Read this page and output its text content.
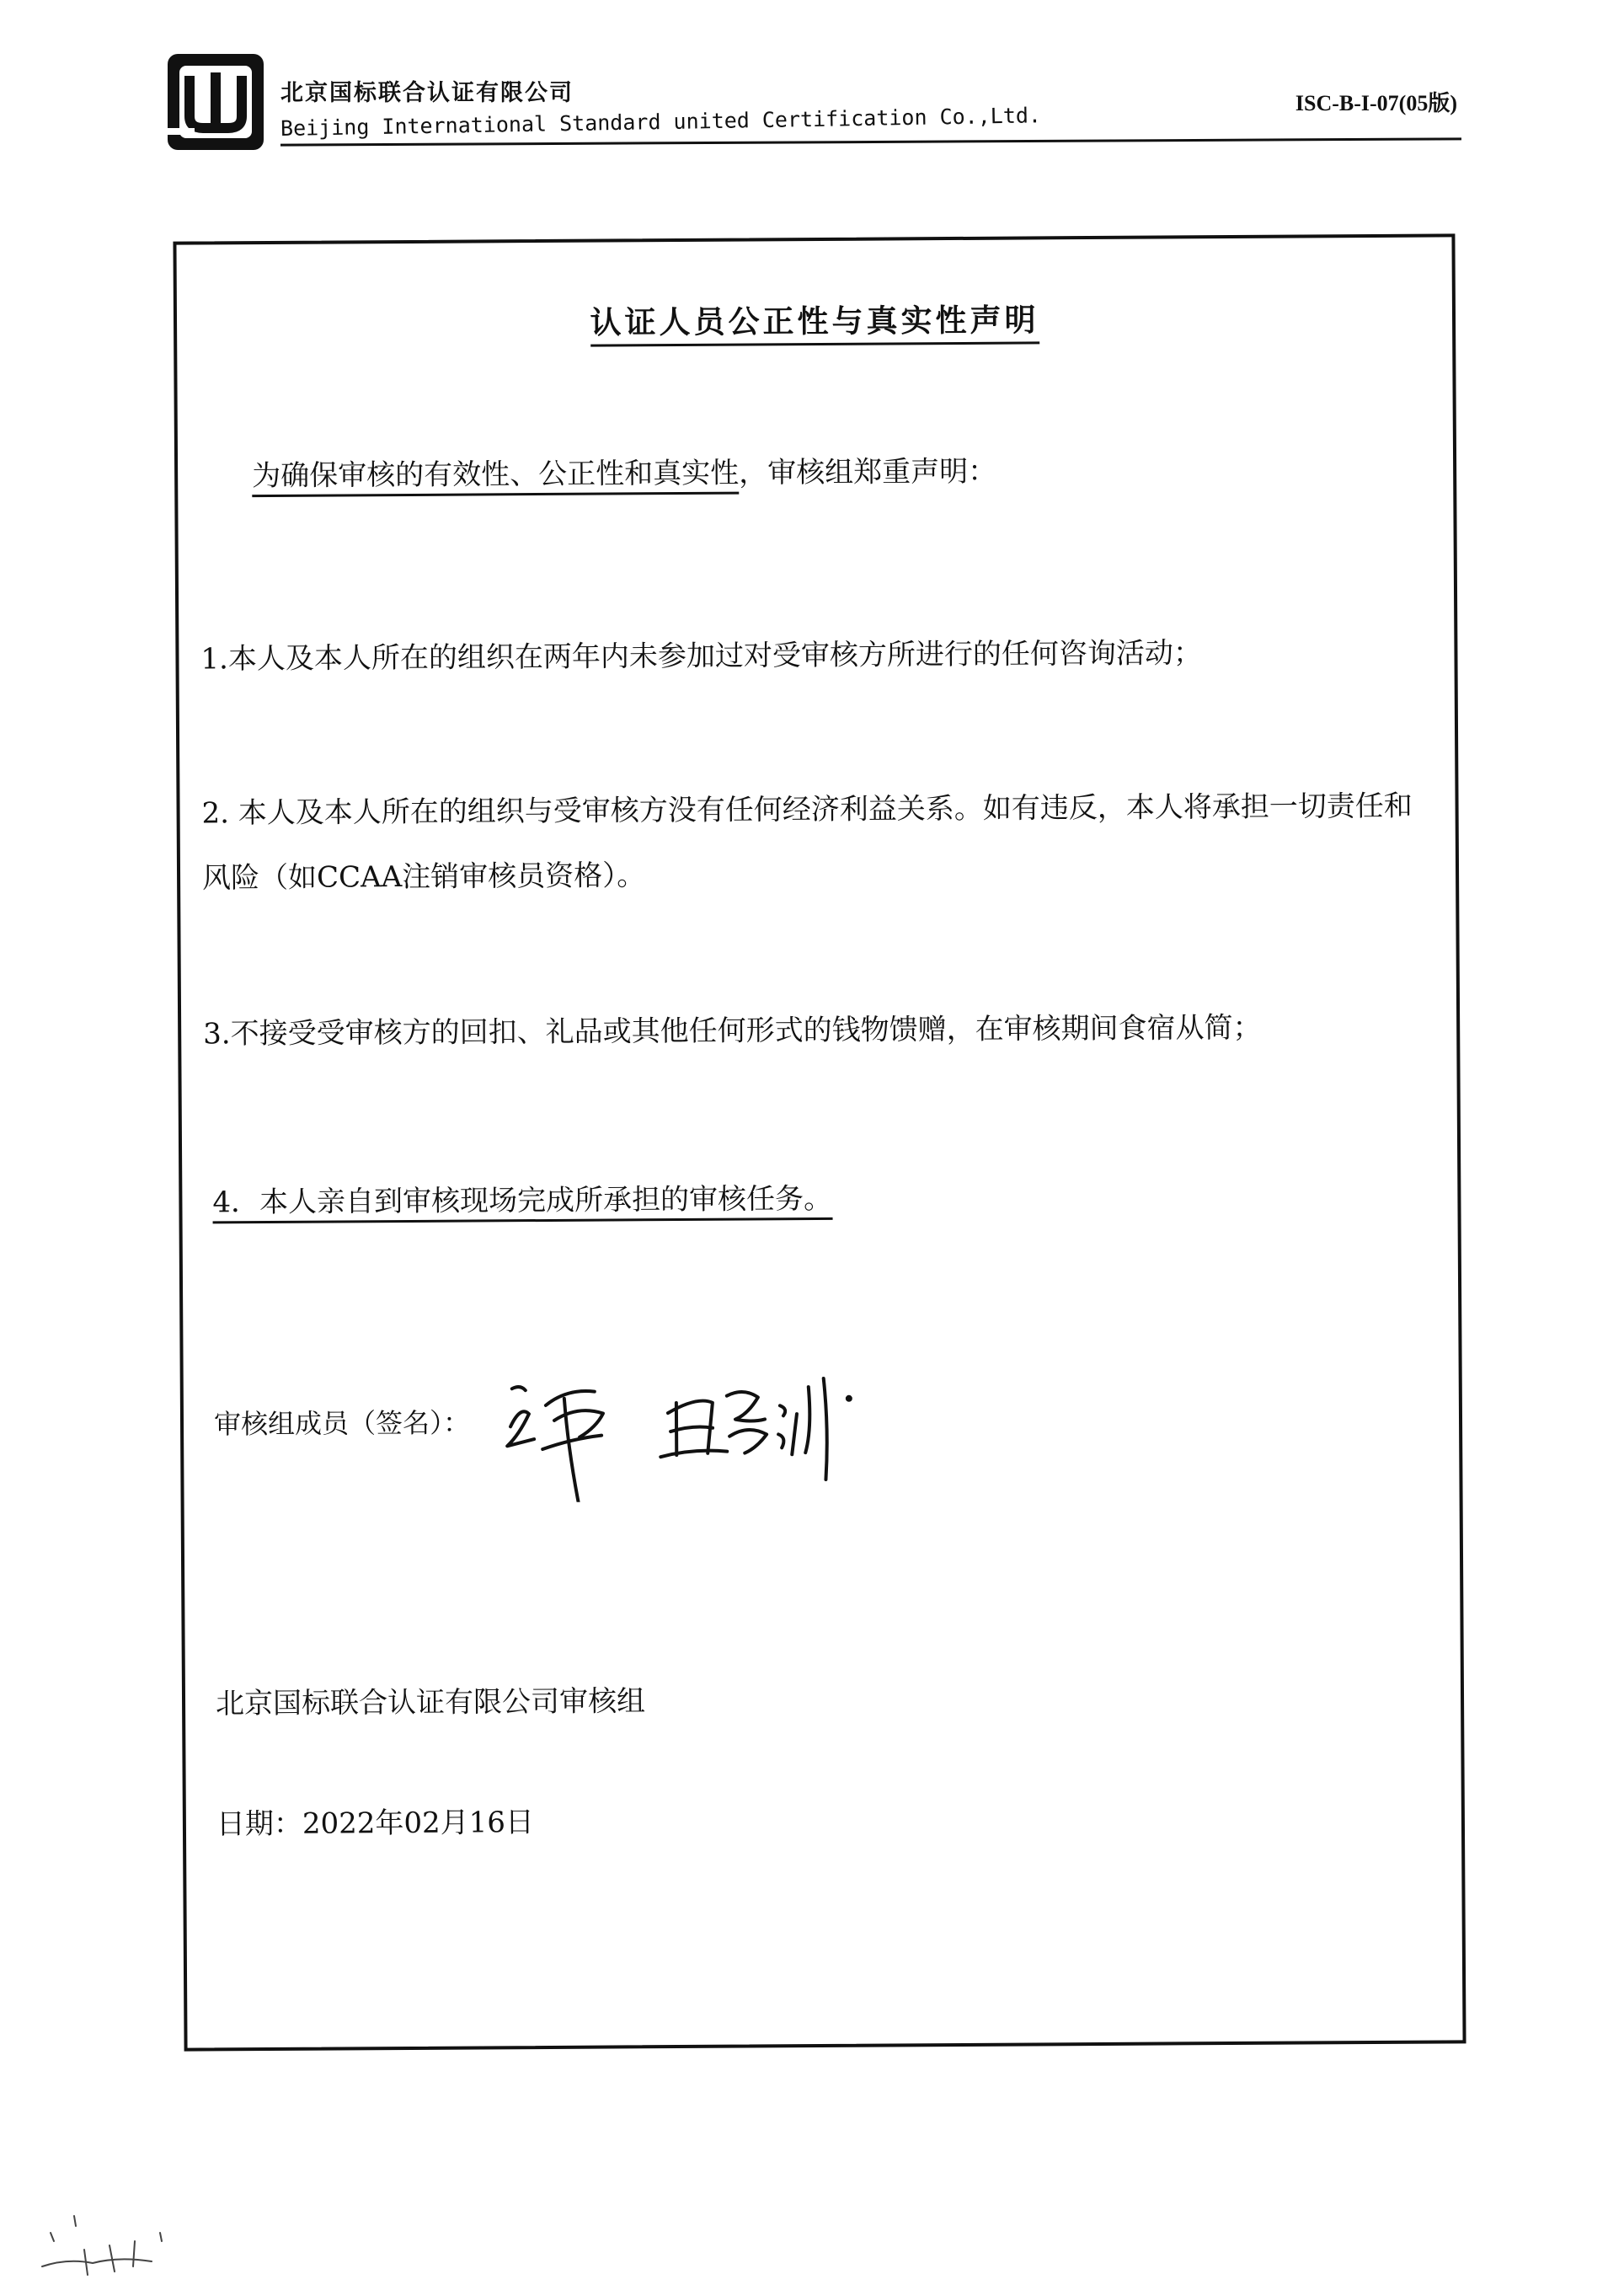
北京国标联合认证有限公司
Beijing International Standard united Certification Co.,Ltd.	ISC-B-I-07(05版)
认证人员公正性与真实性声明
为确保审核的有效性、公正性和真实性，审核组郑重声明：
1.本人及本人所在的组织在两年内未参加过对受审核方所进行的任何咨询活动；
2. 本人及本人所在的组织与受审核方没有任何经济利益关系。如有违反，本人将承担一切责任和
风险（如CCAA注销审核员资格）。
3.不接受受审核方的回扣、礼品或其他任何形式的钱物馈赠，在审核期间食宿从简；
4．本人亲自到审核现场完成所承担的审核任务。
审核组成员（签名）：
北京国标联合认证有限公司审核组
日期：2022年02月16日
